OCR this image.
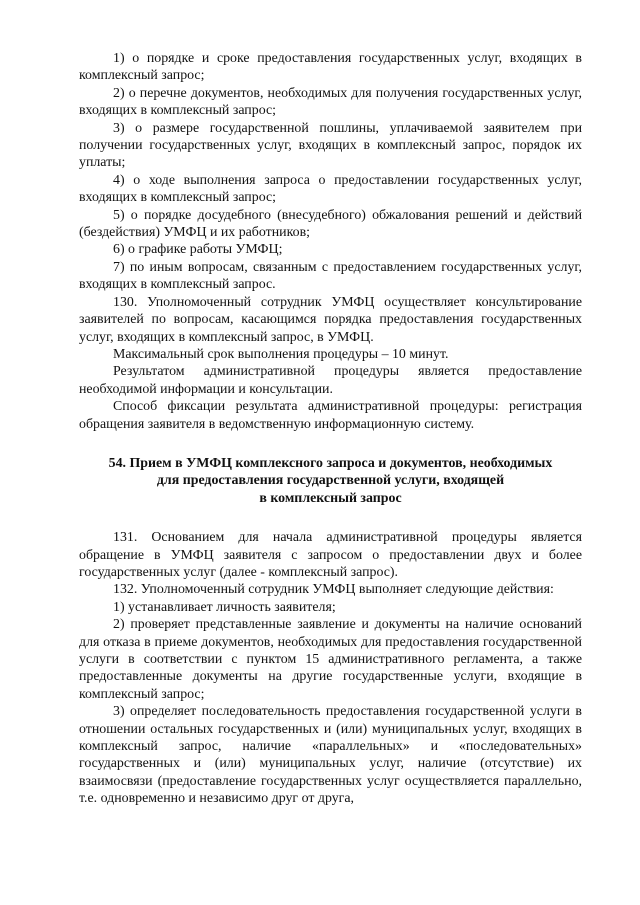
1) о порядке и сроке предоставления государственных услуг, входящих в комплексный запрос;

2) о перечне документов, необходимых для получения государственных услуг, входящих в комплексный запрос;

3) о размере государственной пошлины, уплачиваемой заявителем при получении государственных услуг, входящих в комплексный запрос, порядок их уплаты;

4) о ходе выполнения запроса о предоставлении государственных услуг, входящих в комплексный запрос;

5) о порядке досудебного (внесудебного) обжалования решений и действий (бездействия) УМФЦ и их работников;

6) о графике работы УМФЦ;

7) по иным вопросам, связанным с предоставлением государственных услуг, входящих в комплексный запрос.

130. Уполномоченный сотрудник УМФЦ осуществляет консультирование заявителей по вопросам, касающимся порядка предоставления государственных услуг, входящих в комплексный запрос, в УМФЦ.

Максимальный срок выполнения процедуры – 10 минут.

Результатом административной процедуры является предоставление необходимой информации и консультации.

Способ фиксации результата административной процедуры: регистрация обращения заявителя в ведомственную информационную систему.

54. Прием в УМФЦ комплексного запроса и документов, необходимых
для предоставления государственной услуги, входящей
в комплексный запрос

131. Основанием для начала административной процедуры является обращение в УМФЦ заявителя с запросом о предоставлении двух и более государственных услуг (далее - комплексный запрос).

132. Уполномоченный сотрудник УМФЦ выполняет следующие действия:

1) устанавливает личность заявителя;

2) проверяет представленные заявление и документы на наличие оснований для отказа в приеме документов, необходимых для предоставления государственной услуги в соответствии с пунктом 15 административного регламента, а также предоставленные документы на другие государственные услуги, входящие в комплексный запрос;

3) определяет последовательность предоставления государственной услуги в отношении остальных государственных и (или) муниципальных услуг, входящих в комплексный запрос, наличие «параллельных» и «последовательных» государственных и (или) муниципальных услуг, наличие (отсутствие) их взаимосвязи (предоставление государственных услуг осуществляется параллельно, т.е. одновременно и независимо друг от друга,
